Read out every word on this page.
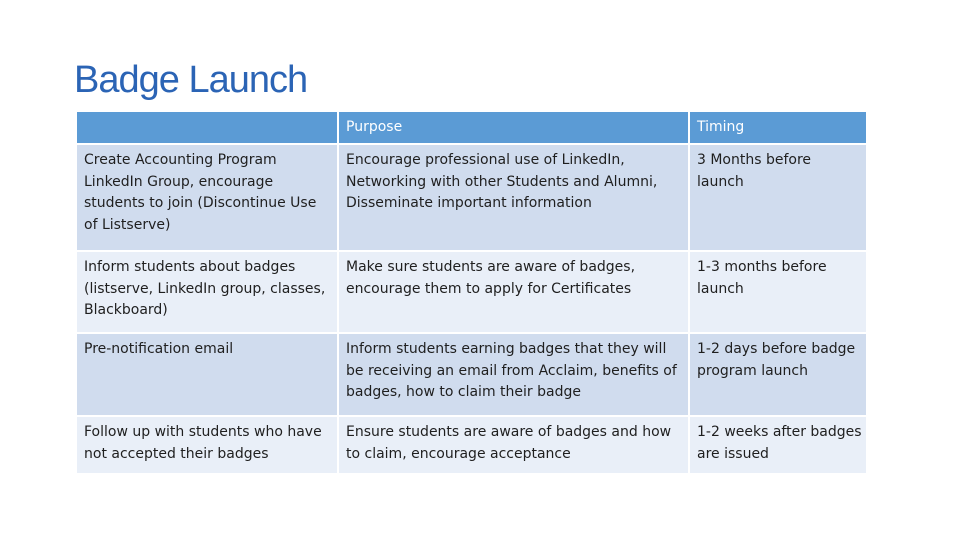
Badge Launch
	Purpose	Timing
Create Accounting Program LinkedIn Group, encourage students to join (Discontinue Use of Listserve)	Encourage professional use of LinkedIn, Networking with other Students and Alumni, Disseminate important information	3 Months before launch
Inform students about badges (listserve, LinkedIn group, classes, Blackboard)	Make sure students are aware of badges, encourage them to apply for Certificates	1-3 months before launch
Pre-notification email	Inform students earning badges that they will be receiving an email from Acclaim, benefits of badges, how to claim their badge	1-2 days before badge program launch
Follow up with students who have not accepted their badges	Ensure students are aware of badges and how to claim, encourage acceptance	1-2 weeks after badges are issued
